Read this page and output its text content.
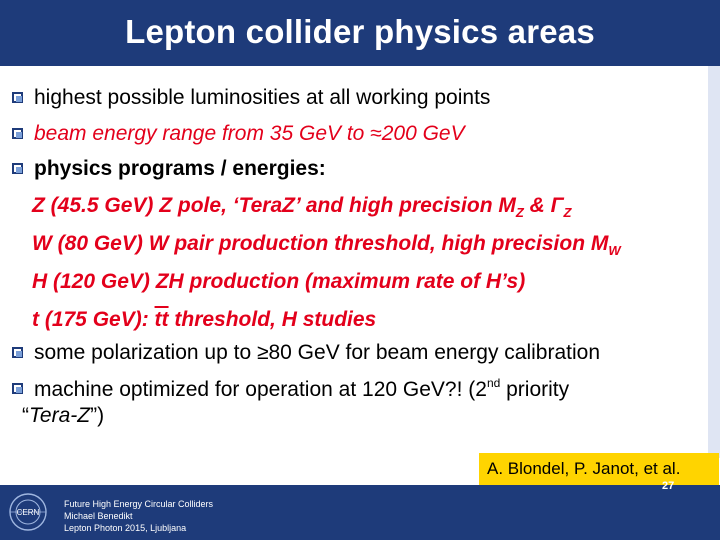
Lepton collider physics areas
highest possible luminosities at all working points
beam energy range from 35 GeV to ≈200 GeV
physics programs / energies:
Z (45.5 GeV) Z pole, ‘TeraZ’ and high precision $M_Z$ & $\Gamma_Z$
W (80 GeV) W pair production threshold, high precision $M_W$
H (120 GeV) ZH production (maximum rate of H’s)
t (175 GeV): $\overline{tt}$ threshold, H studies
some polarization up to ≥80 GeV for beam energy calibration
machine optimized for operation at 120 GeV?! (2nd priority
“Tera-Z”)
A. Blondel, P. Janot, et al.
CERN
Future High Energy Circular Colliders
Michael Benedikt
Lepton Photon 2015, Ljubljana
27
